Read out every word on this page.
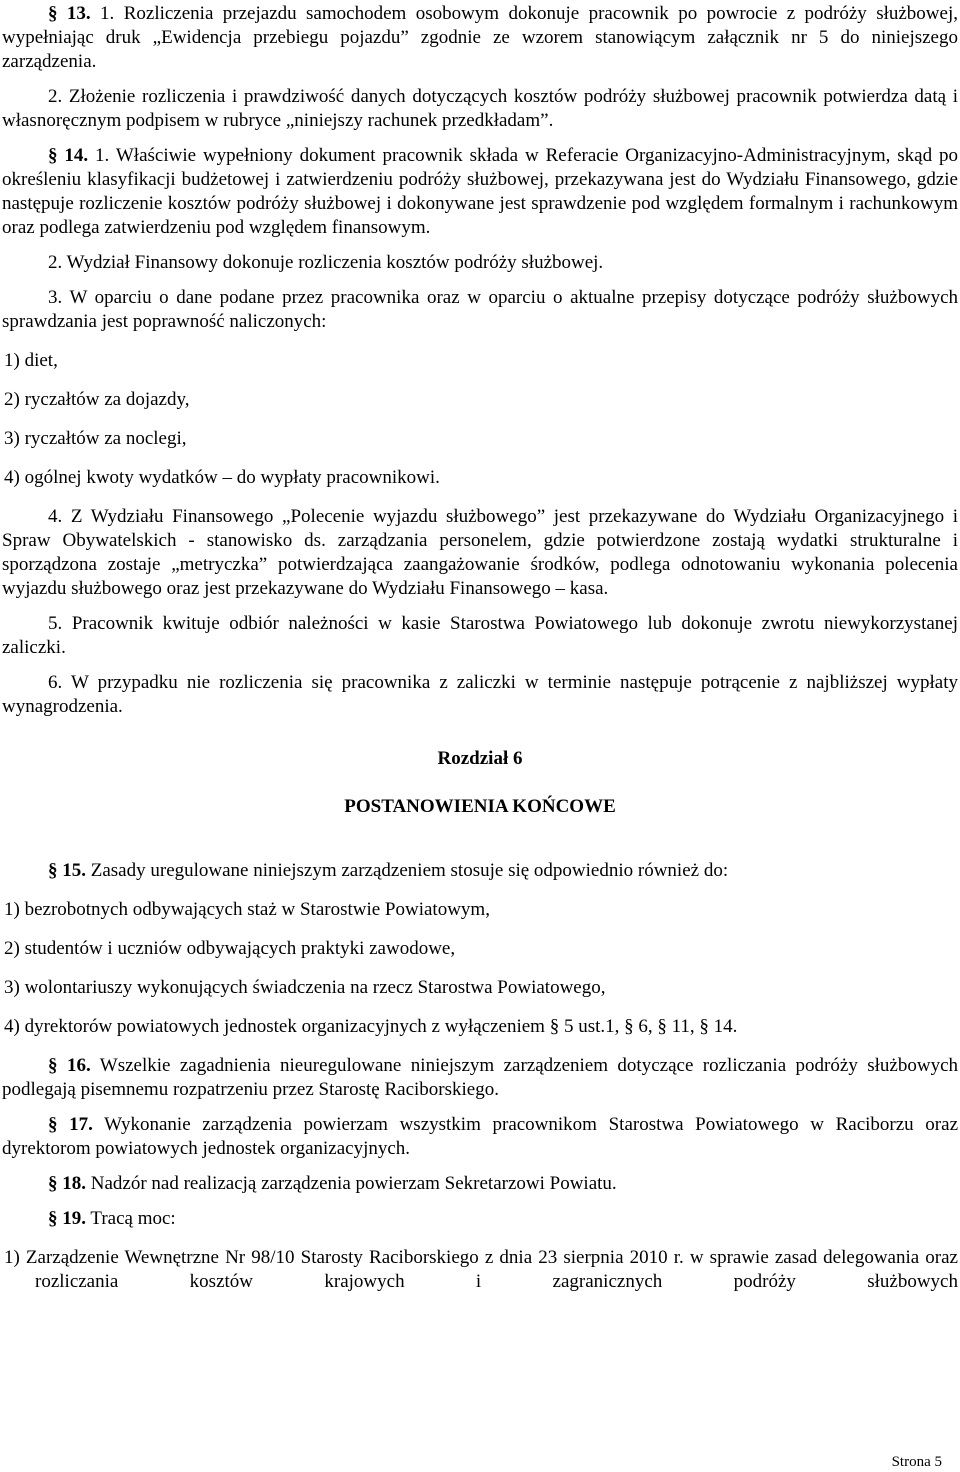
§ 13. 1. Rozliczenia przejazdu samochodem osobowym dokonuje pracownik po powrocie z podróży służbowej, wypełniając druk „Ewidencja przebiegu pojazdu” zgodnie ze wzorem stanowiącym załącznik nr 5 do niniejszego zarządzenia.

2. Złożenie rozliczenia i prawdziwość danych dotyczących kosztów podróży służbowej pracownik potwierdza datą i własnoręcznym podpisem w rubryce „niniejszy rachunek przedkładam”.

§ 14. 1. Właściwie wypełniony dokument pracownik składa w Referacie Organizacyjno-Administracyjnym, skąd po określeniu klasyfikacji budżetowej i zatwierdzeniu podróży służbowej, przekazywana jest do Wydziału Finansowego, gdzie następuje rozliczenie kosztów podróży służbowej i dokonywane jest sprawdzenie pod względem formalnym i rachunkowym oraz podlega zatwierdzeniu pod względem finansowym.

2. Wydział Finansowy dokonuje rozliczenia kosztów podróży służbowej.

3. W oparciu o dane podane przez pracownika oraz w oparciu o aktualne przepisy dotyczące podróży służbowych sprawdzania jest poprawność naliczonych:

1) diet,

2) ryczałtów za dojazdy,

3) ryczałtów za noclegi,

4) ogólnej kwoty wydatków – do wypłaty pracownikowi.

4. Z Wydziału Finansowego „Polecenie wyjazdu służbowego” jest przekazywane do Wydziału Organizacyjnego i Spraw Obywatelskich - stanowisko ds. zarządzania personelem, gdzie potwierdzone zostają wydatki strukturalne i sporządzona zostaje „metryczka” potwierdzająca zaangażowanie środków, podlega odnotowaniu wykonania polecenia wyjazdu służbowego oraz jest przekazywane do Wydziału Finansowego – kasa.

5. Pracownik kwituje odbiór należności w kasie Starostwa Powiatowego lub dokonuje zwrotu niewykorzystanej zaliczki.

6. W przypadku nie rozliczenia się pracownika z zaliczki w terminie następuje potrącenie z najbliższej wypłaty wynagrodzenia.

Rozdział 6

POSTANOWIENIA KOŃCOWE

§ 15. Zasady uregulowane niniejszym zarządzeniem stosuje się odpowiednio również do:

1) bezrobotnych odbywających staż w Starostwie Powiatowym,

2) studentów i uczniów odbywających praktyki zawodowe,

3) wolontariuszy wykonujących świadczenia na rzecz Starostwa Powiatowego,

4) dyrektorów powiatowych jednostek organizacyjnych z wyłączeniem § 5 ust.1, § 6, § 11, § 14.

§ 16. Wszelkie zagadnienia nieuregulowane niniejszym zarządzeniem dotyczące rozliczania podróży służbowych podlegają pisemnemu rozpatrzeniu przez Starostę Raciborskiego.

§ 17. Wykonanie zarządzenia powierzam wszystkim pracownikom Starostwa Powiatowego w Raciborzu oraz dyrektorom powiatowych jednostek organizacyjnych.

§ 18. Nadzór nad realizacją zarządzenia powierzam Sekretarzowi Powiatu.

§ 19. Tracą moc:

1) Zarządzenie Wewnętrzne Nr 98/10 Starosty Raciborskiego z dnia 23 sierpnia 2010 r. w sprawie zasad delegowania oraz rozliczania kosztów krajowych i zagranicznych podróży służbowych

Strona 5
